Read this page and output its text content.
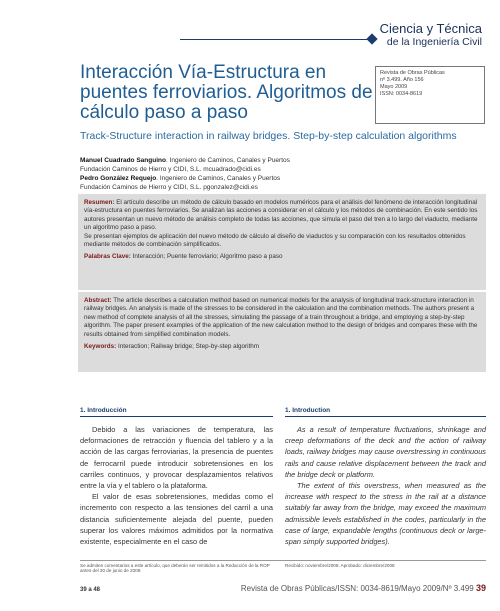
Ciencia y Técnica
de la Ingeniería Civil
Interacción Vía-Estructura en puentes ferroviarios. Algoritmos de cálculo paso a paso
Revista de Obras Públicas
nº 3.499. Año 156
Mayo 2009
ISSN: 0034-8619
Track-Structure interaction in railway bridges. Step-by-step calculation algorithms
Manuel Cuadrado Sanguino. Ingeniero de Caminos, Canales y Puertos
Fundación Caminos de Hierro y CIDI, S.L. mcuadrado@cidi.es
Pedro González Requejo. Ingeniero de Caminos, Canales y Puertos
Fundación Caminos de Hierro y CIDI, S.L. pgonzalez@cidi.es
Resumen: El artículo describe un método de cálculo basado en modelos numéricos para el análisis del fenómeno de interacción longitudinal vía-estructura en puentes ferroviarios. Se analizan las acciones a considerar en el cálculo y los métodos de combinación. En este sentido los autores presentan un nuevo método de análisis completo de todas las acciones, que simula el paso del tren a lo largo del viaducto, mediante un algoritmo paso a paso.
Se presentan ejemplos de aplicación del nuevo método de cálculo al diseño de viaductos y su comparación con los resultados obtenidos mediante métodos de combinación simplificados.
Palabras Clave: Interacción; Puente ferroviario; Algoritmo paso a paso
Abstract: The article describes a calculation method based on numerical models for the analysis of longitudinal track-structure interaction in railway bridges. An analysis is made of the stresses to be considered in the calculation and the combination methods. The authors present a new method of complete analysis of all the stresses, simulating the passage of a train throughout a bridge, and employing a step-by-step algorithm. The paper present examples of the application of the new calculation method to the design of bridges and compares these with the results obtained from simplified combination models.
Keywords: Interaction; Railway bridge; Step-by-step algorithm
1. Introducción

Debido a las variaciones de temperatura, las deformaciones de retracción y fluencia del tablero y a la acción de las cargas ferroviarias, la presencia de puentes de ferrocarril puede introducir sobretensiones en los carriles continuos, y provocar desplazamientos relativos entre la vía y el tablero o la plataforma.

El valor de esas sobretensiones, medidas como el incremento con respecto a las tensiones del carril a una distancia suficientemente alejada del puente, pueden superar los valores máximos admitidos por la normativa existente, especialmente en el caso de

1. Introduction

As a result of temperature fluctuations, shrinkage and creep deformations of the deck and the action of railway loads, railway bridges may cause overstressing in continuous rails and cause relative displacement between the track and the bridge deck or platform.

The extent of this overstress, when measured as the increase with respect to the stress in the rail at a distance suitably far away from the bridge, may exceed the maximum admissible levels established in the codes, particularly in the case of large, expandable lengths (continuous deck or large-span simply supported bridges).

Se admiten comentarios a este artículo, que deberán ser remitidos a la Redacción de la ROP antes del 30 de junio de 2009.
Recibido: noviembre/2008. Aprobado: diciembre/2008
39 a 48	Revista de Obras Públicas/ISSN: 0034-8619/Mayo 2009/Nº 3.499 39
